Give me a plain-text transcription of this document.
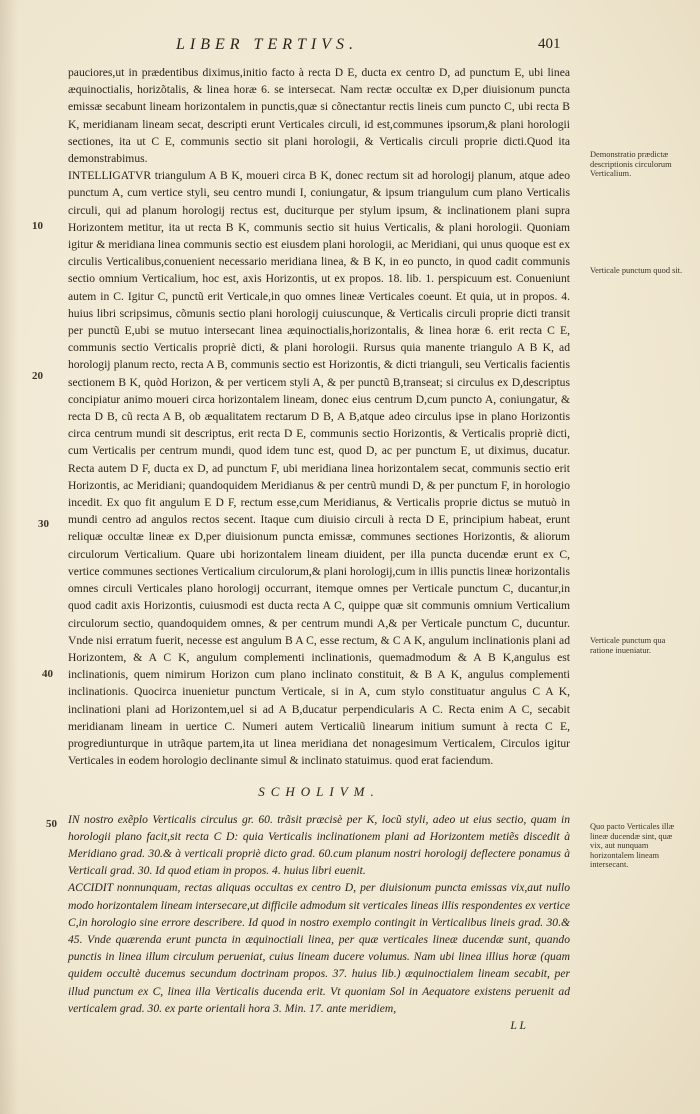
LIBER TERTIVS.	401

pauciores,ut in prædentibus diximus,initio facto à recta D E, ducta ex centro D, ad punctum E, ubi linea æquinoctialis, horizõtalis, & linea horæ 6. se intersecat. Nam rectæ occultæ ex D,per diuisionum puncta emissæ secabunt lineam horizontalem in punctis,quæ si cõnectantur rectis lineis cum puncto C, ubi recta B K, meridianam lineam secat, descripti erunt Verticales circuli, id est,communes ipsorum,& plani horologii sectiones, ita ut C E, communis sectio sit plani horologii, & Verticalis circuli proprie dicti.Quod ita demonstrabimus.

INTELLIGATVR triangulum A B K, moueri circa B K, donec rectum sit ad horologij planum, atque adeo punctum A, cum vertice styli, seu centro mundi I, coniungatur, & ipsum triangulum cum plano Verticalis circuli, qui ad planum horologij rectus est, duciturque per stylum ipsum, & inclinationem plani supra Horizontem metitur, ita ut recta B K, communis sectio sit huius Verticalis, & plani horologii. Quoniam igitur & meridiana linea communis sectio est eiusdem plani horologii, ac Meridiani, qui unus quoque est ex circulis Verticalibus,conuenient necessario meridiana linea, & B K, in eo puncto, in quod cadit communis sectio omnium Verticalium, hoc est, axis Horizontis, ut ex propos. 18. lib. 1. perspicuum est. Conueniunt autem in C. Igitur C, punctũ erit Verticale,in quo omnes lineæ Verticales coeunt. Et quia, ut in propos. 4. huius libri scripsimus, cõmunis sectio plani horologij cuiuscunque, & Verticalis circuli proprie dicti transit per punctũ E,ubi se mutuo intersecant linea æquinoctialis,horizontalis, & linea horæ 6. erit recta C E, communis sectio Verticalis propriè dicti, & plani horologii. Rursus quia manente triangulo A B K, ad horologij planum recto, recta A B, communis sectio est Horizontis, & dicti trianguli, seu Verticalis facientis sectionem B K, quòd Horizon, & per verticem styli A, & per punctũ B,transeat; si circulus ex D,descriptus concipiatur animo moueri circa horizontalem lineam, donec eius centrum D,cum puncto A, coniungatur, & recta D B, cũ recta A B, ob æqualitatem rectarum D B, A B,atque adeo circulus ipse in plano Horizontis circa centrum mundi sit descriptus, erit recta D E, communis sectio Horizontis, & Verticalis propriè dicti, cum Verticalis per centrum mundi, quod idem tunc est, quod D, ac per punctum E, ut diximus, ducatur. Recta autem D F, ducta ex D, ad punctum F, ubi meridiana linea horizontalem secat, communis sectio erit Horizontis, ac Meridiani; quandoquidem Meridianus & per centrũ mundi D, & per punctum F, in horologio incedit. Ex quo fit angulum E D F, rectum esse,cum Meridianus, & Verticalis proprie dictus se mutuò in mundi centro ad angulos rectos secent. Itaque cum diuisio circuli à recta D E, principium habeat, erunt reliquæ occultæ lineæ ex D,per diuisionum puncta emissæ, communes sectiones Horizontis, & aliorum circulorum Verticalium. Quare ubi horizontalem lineam diuident, per illa puncta ducendæ erunt ex C, vertice communes sectiones Verticalium circulorum,& plani horologij,cum in illis punctis lineæ horizontalis omnes circuli Verticales plano horologij occurrant, itemque omnes per Verticale punctum C, ducantur,in quod cadit axis Horizontis, cuiusmodi est ducta recta A C, quippe quæ sit communis omnium Verticalium circulorum sectio, quandoquidem omnes, & per centrum mundi A,& per Verticale punctum C, ducuntur. Vnde nisi erratum fuerit, necesse est angulum B A C, esse rectum, & C A K, angulum inclinationis plani ad Horizontem, & A C K, angulum complementi inclinationis, quemadmodum & A B K,angulus est inclinationis, quem nimirum Horizon cum plano inclinato constituit, & B A K, angulus complementi inclinationis. Quocirca inuenietur punctum Verticale, si in A, cum stylo constituatur angulus C A K, inclinationi plani ad Horizontem,uel si ad A B,ducatur perpendicularis A C. Recta enim A C, secabit meridianam lineam in uertice C. Numeri autem Verticaliũ linearum initium sumunt à recta C E, progrediunturque in utrãque partem,ita ut linea meridiana det nonagesimum Verticalem, Circulos igitur Verticales in eodem horologio declinante simul & inclinato statuimus. quod erat faciendum.

SCHOLIVM.

IN nostro exẽplo Verticalis circulus gr. 60. trãsit præcisè per K, locũ styli, adeo ut eius sectio, quam in horologii plano facit,sit recta C D: quia Verticalis inclinationem plani ad Horizontem metiẽs discedit à Meridiano grad. 30.& à verticali propriè dicto grad. 60.cum planum nostri horologij deflectere ponamus à Verticali grad. 30. Id quod etiam in propos. 4. huius libri euenit.

ACCIDIT nonnunquam, rectas aliquas occultas ex centro D, per diuisionum puncta emissas vix,aut nullo modo horizontalem lineam intersecare,ut difficile admodum sit verticales lineas illis respondentes ex vertice C,in horologio sine errore describere. Id quod in nostro exemplo contingit in Verticalibus lineis grad. 30.& 45. Vnde quærenda erunt puncta in æquinoctiali linea, per quæ verticales lineæ ducendæ sunt, quando punctis in linea illum circulum perueniat, cuius lineam ducere volumus. Nam ubi linea illius horæ (quam quidem occultè ducemus secundum doctrinam propos. 37. huius lib.) æquinoctialem lineam secabit, per illud punctum ex C, linea illa Verticalis ducenda erit. Vt quoniam Sol in Aequatore existens peruenit ad verticalem grad. 30. ex parte orientali hora 3. Min. 17. ante meridiem,

L L
Demonstratio prædictæ descriptionis circulorum Verticalium.
Verticale punctum quod sit.
Verticale punctum qua ratione inueniatur.
Quo pacto Verticales illæ lineæ ducendæ sint, quæ vix, aut nunquam horizontalem lineam intersecant.
10
20
30
40
50
